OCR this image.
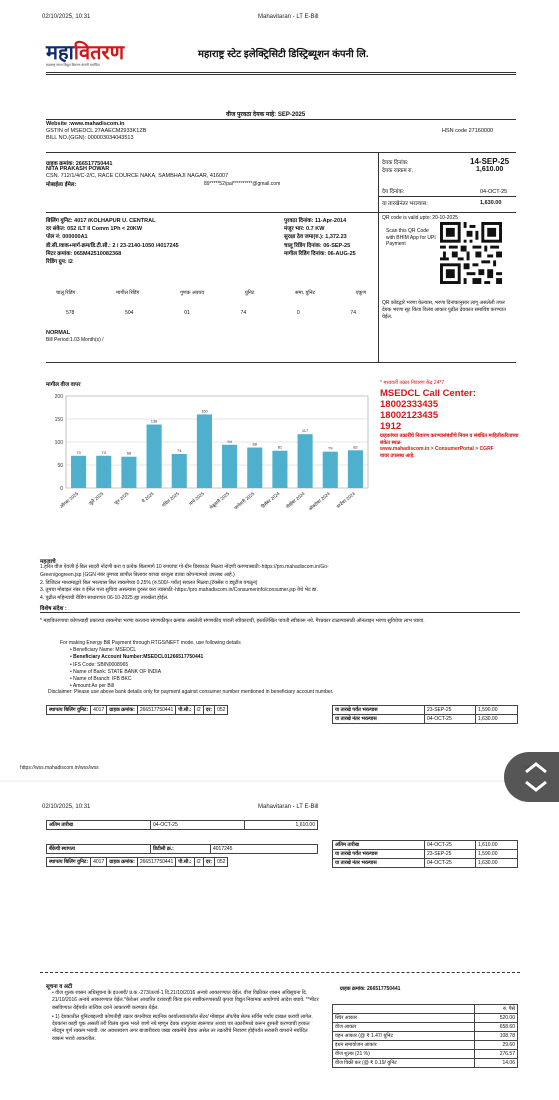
02/10/2025, 10:31	Mahavitaran - LT E-Bill
महावितरण
महाराष्ट्र राज्य विद्युत वितरण कंपनी मर्यादित
महाराष्ट्र स्टेट इलेक्ट्रिसिटी डिस्ट्रिब्यूशन कंपनी लि.
वीज पुरवठा देयक माहे: SEP-2025
Website :www.mahadiscom.in
GSTIN of MSEDCL 27AAECM2933K1ZB
BILL NO.(GGN): 000003034043513
HSN code 27160000
ग्राहक क्रमांक: 266517750441
NITA PRAKASH POWAR
CSN. 712/1/4/C-2/C, RACE COURCE NAKA, SAMBHAJI NAGAR, 416007
मोबाईल/ ईमेल:	89*****52/pal**********@gmail.com
देयक दिनांक:	14-SEP-25
देयक रक्कम रु.	1,610.00
देय दिनांक:	04-OCT-25
या तारखेनंतर भरल्यास:	1,630.00
बिलिंग युनिट: 4017 /KOLHAPUR U. CENTRAL
दर संकेत: 052 /LT II Comm 1Ph < 20KW
पोल नं: 000000A1
डी.सी./वाक+मार्ग-क्रम/डि.टी.सी.: 2 / 23-2140-1050 /4017245
मिटर क्रमांक: 065M42510082368
रिडिंग ग्रुप: I2
पुरवठा दिनांक: 11-Apr-2014
मंजूर भार: 0.7 KW
सुरक्षा ठेव जमा(रु.): 1,372.23
चालू रिडिंग दिनांक: 06-SEP-25
मागील रिडिंग दिनांक: 06-AUG-25
QR code is valid upto: 20-10-2025
Scan this QR Code with BHIM App for UPI Payment
QR कोडद्वारे भरणा केल्यास, भरणा दिनांकानुसार लागू असलेली तफर देयक भरणा सूट किंवा विलंब आकार पुढील देयकात समाविष्ट करण्यात येईल.
चालू रिडिंग	मागील रिडिंग	गुणक अवयव	युनिट	समा. युनिट	एकूण
578	504	01	74	0	74
NORMAL
Bill Period:1.03 Month(s) /
मागील वीज वापर
0
50
100
150
200
70
ऑगस्ट 2025
70
जुलै 2025
68
जून 2025
138
मे 2025
74
एप्रिल 2025
160
मार्च 2025
94
फेब्रुवारी 2025
88
जानेवारी 2025
81
डिसेंबर 2024
117
नोव्हेंबर 2024
79
ऑक्टोबर 2024
82
सप्टेंबर 2024
* मध्यवर्ती तक्रार निवारण केंद्र 24*7
MSEDCL Call Center:
18002333435
18002123435
1912
ग्राहकांच्या तक्रारींचे निवारण करण्यासंबंधीचे नियम व संबंधित माहितीकरिताच्या संकेत स्थळ-
www.mahadiscom.in > ConsumerPortal > CGRF
यावर उपलब्ध आहे.
महत्वाचे
1.हरित वीज ऐवजी ई-बिल सादरी नोंदणी करा व प्रत्येक बिलामागे 10 रुपयांचा गो-ग्रीन डिस्काउंट मिळवा नोंदणी करण्यासाठी:-https://pro.mahadiscom.in/Go-
Green/gogreen.jsp (GGN नंबर तुमच्या छापील बिलावर वरच्या बाजूला डाव्या कोपऱ्यामध्ये उपलब्ध आहे.)
2. डिजिटल माध्यमाद्वारे बिल भरल्यास बिल रक्कमेच्या 0.25% (रु.500/- पर्यंत) सवलत मिळवा.(टॅक्सेस व ड्यूटीज वगळून)
3. तुमचा मोबाइल नंबर व ईमेल पत्ता सुचिवा असल्यास दुरुस्त करा त्यासाठी:-https://pro.mahadiscom.in/Consumerinfo/consumer.jsp येथे भेट द्या.
4. पुढील महिन्याची रीडिंग साधारणतः 06-10-2025 ह्या तारखेला होईल.
विशेष संदेश :
* महावितरणाचा कोणत्याही प्रकारचा रक्कमेचा भरणा करताना संगणकीकृत क्रमांक असलेली संगणकीय पावती स्वीकारावी, हस्तलिखित पावती स्वीकारू नये. गैरप्रकार टाळण्यासाठी ऑनलाइन भरणा सुविधेचा लाभ घ्यावा.
For making Energy Bill Payment through RTGS/NEFT mode, use following details
• Beneficiary Name: MSEDCL
• Beneficiary Account Number:MSEDCL0126651775044​1
• IFS Code: SBIN0008965
• Name of Bank: STATE BANK OF INDIA
• Name of Branch: IFB BKC
• Amount:As per Bill
Disclaimer: Please use above bank details only for payment against consumer number mentioned in beneficiary account number.
स्थापत्य बिलिंग युनिट:	4017	ग्राहक क्रमांक:	266517750441	पी.सी.:	I2	दर:	052	या तारखे पर्यंत भरल्यास	23-SEP-25	1,590.00
या तारखे नंतर भरल्यास	04-OCT-25	1,630.00
https://wss.mahadiscom.in/wss/wss
02/10/2025, 10:31	Mahavitaran - LT E-Bill
अंतिम तारीख	04-OCT-25	1,610.00
बँकेची स्थापत्य	डिटीसी क्र.:	4017245
स्थापत्य बिलिंग युनिट:	4017	ग्राहक क्रमांक:	266517750441	पी.सी.:	I2	दर:	052
अंतिम तारीख	04-OCT-25	1,610.00
या तारखे पर्यंत भरल्यास	23-SEP-25	1,590.00
या तारखे नंतर भरल्यास	04-OCT-25	1,630.00
सूचना व अटी
• वीज शुल्क शासन अधिसूचना के इउआरी/ प्र.क.-273/ऊर्जा-1 दि.21/10/2016 अन्वये आकारण्यात येईल. वीज विक्रीकर शासन अधिसूचना दि. 21/10/2016 अन्वये आकारण्यात येईल.*केवेअर आधारित दरावरही किंवा इतर स्पष्टीकरणासाठी कृपया विद्युत नियामक आयोगाचे आदेश बघावे. **मीटर बसविण्यात येईपर्यंत तात्विक दराने आकारणी करण्यात येईल.
• 1) देयकातील युनिटबद्दलची कोणतीही तक्रार कंपनीच्या स्थानिक कार्यालयात/कॉल सेंटर/ मोबाइल ॲप/वेब सेल्फ सर्विस पर्याय दाखल करावी लागेल. देयकांना काही चूक असली तरी विलंब शुल्क भरले जाणे नये म्हणून देयक तात्पुरत्या स्वरूपात अथवा पत्र तक्रारीमध्ये करून दुरुस्ती करण्याची हरकत नोंदवून पूर्ण रक्कम भरावी. जर अयशस्वरण अगर बाजारीवरच जखा रक्कमेचे देयक असेल तर तक्रारीचे निवारण होईपर्यंत सरासरी वापराने मर्यादित रक्कम भरावे आकरतील.
ग्राहक क्रमांक: 266517750441
	रु. पैसे
स्थिर आकार	520.00
वीज आकार	658.60
वहन आकार (@ ₹ 1.47/ युनिट	108.78
इंधन समायोजन आकार	29.60
वीज शुल्क (21 %)	276.57
वीज विक्री कर (@ ₹ 0.19/ युनिट	14.06
